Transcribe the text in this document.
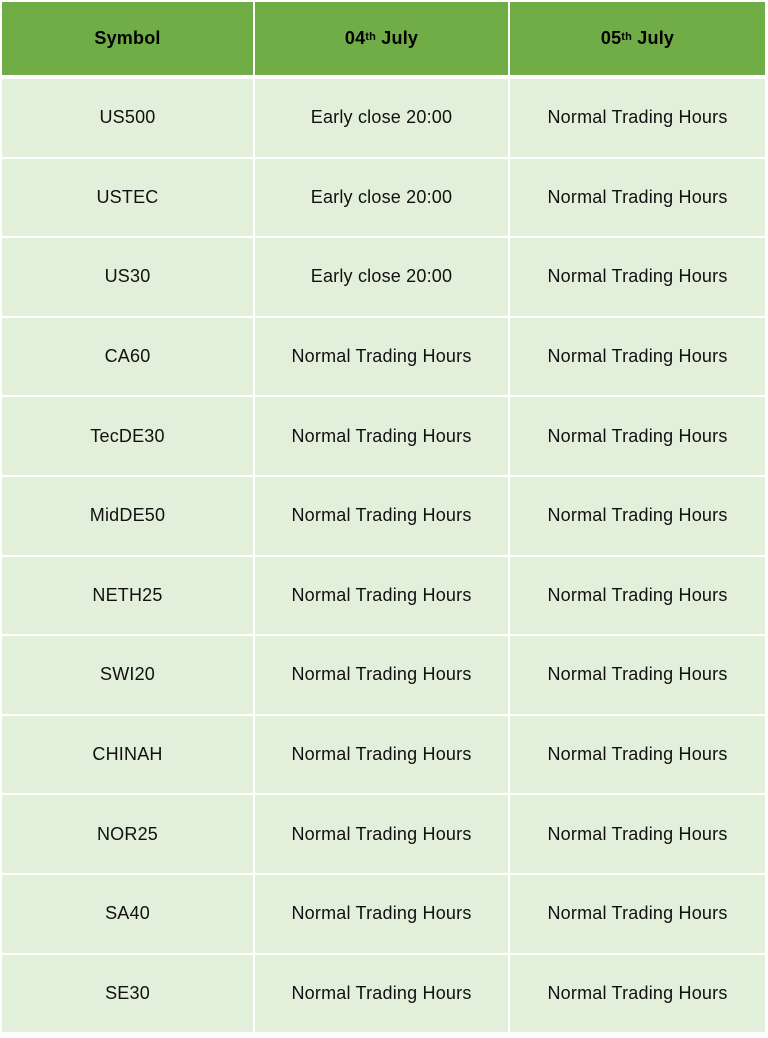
Symbol	04th July	05th July
US500	Early close 20:00	Normal Trading Hours
USTEC	Early close 20:00	Normal Trading Hours
US30	Early close 20:00	Normal Trading Hours
CA60	Normal Trading Hours	Normal Trading Hours
TecDE30	Normal Trading Hours	Normal Trading Hours
MidDE50	Normal Trading Hours	Normal Trading Hours
NETH25	Normal Trading Hours	Normal Trading Hours
SWI20	Normal Trading Hours	Normal Trading Hours
CHINAH	Normal Trading Hours	Normal Trading Hours
NOR25	Normal Trading Hours	Normal Trading Hours
SA40	Normal Trading Hours	Normal Trading Hours
SE30	Normal Trading Hours	Normal Trading Hours
